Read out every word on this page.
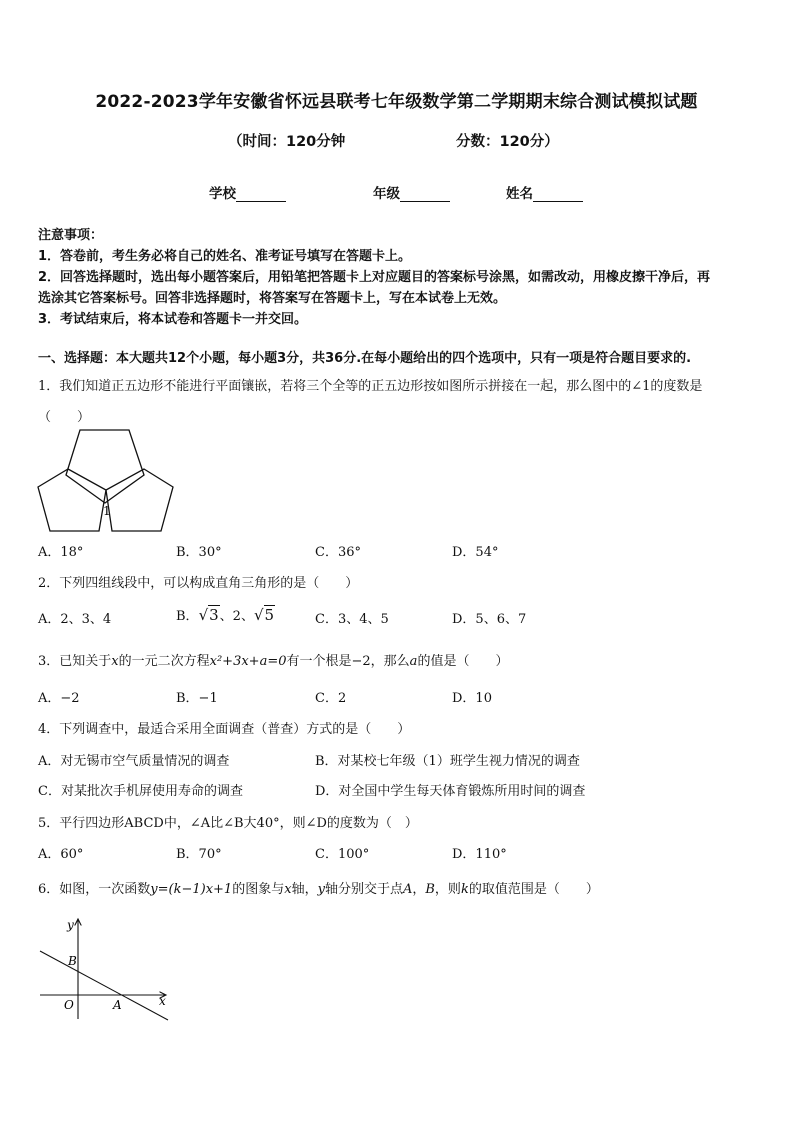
2022-2023学年安徽省怀远县联考七年级数学第二学期期末综合测试模拟试题
（时间：120分钟	分数：120分）
学校	年级	姓名
注意事项：
1．答卷前，考生务必将自己的姓名、准考证号填写在答题卡上。
2．回答选择题时，选出每小题答案后，用铅笔把答题卡上对应题目的答案标号涂黑，如需改动，用橡皮擦干净后，再
选涂其它答案标号。回答非选择题时，将答案写在答题卡上，写在本试卷上无效。
3．考试结束后，将本试卷和答题卡一并交回。
一、选择题：本大题共12个小题，每小题3分，共36分.在每小题给出的四个选项中，只有一项是符合题目要求的.
1．我们知道正五边形不能进行平面镶嵌，若将三个全等的正五边形按如图所示拼接在一起，那么图中的∠1的度数是
（　　）
1
A．18°	B．30°	C．36°	D．54°
2．下列四组线段中，可以构成直角三角形的是（　　）
A．2、3、4	B．√3、2、√5	C．3、4、5	D．5、6、7
3．已知关于x的一元二次方程x²+3x+a=0有一个根是−2，那么a的值是（　　）
A．−2	B．−1	C．2	D．10
4．下列调查中，最适合采用全面调查（普查）方式的是（　　）
A．对无锡市空气质量情况的调查	B．对某校七年级（1）班学生视力情况的调查
C．对某批次手机屏使用寿命的调查	D．对全国中学生每天体育锻炼所用时间的调查
5．平行四边形ABCD中，∠A比∠B大40°，则∠D的度数为（　）
A．60°	B．70°	C．100°	D．110°
6．如图，一次函数y=(k−1)x+1的图象与x轴，y轴分别交于点A，B，则k的取值范围是（　　）
y
x
B
O	A
